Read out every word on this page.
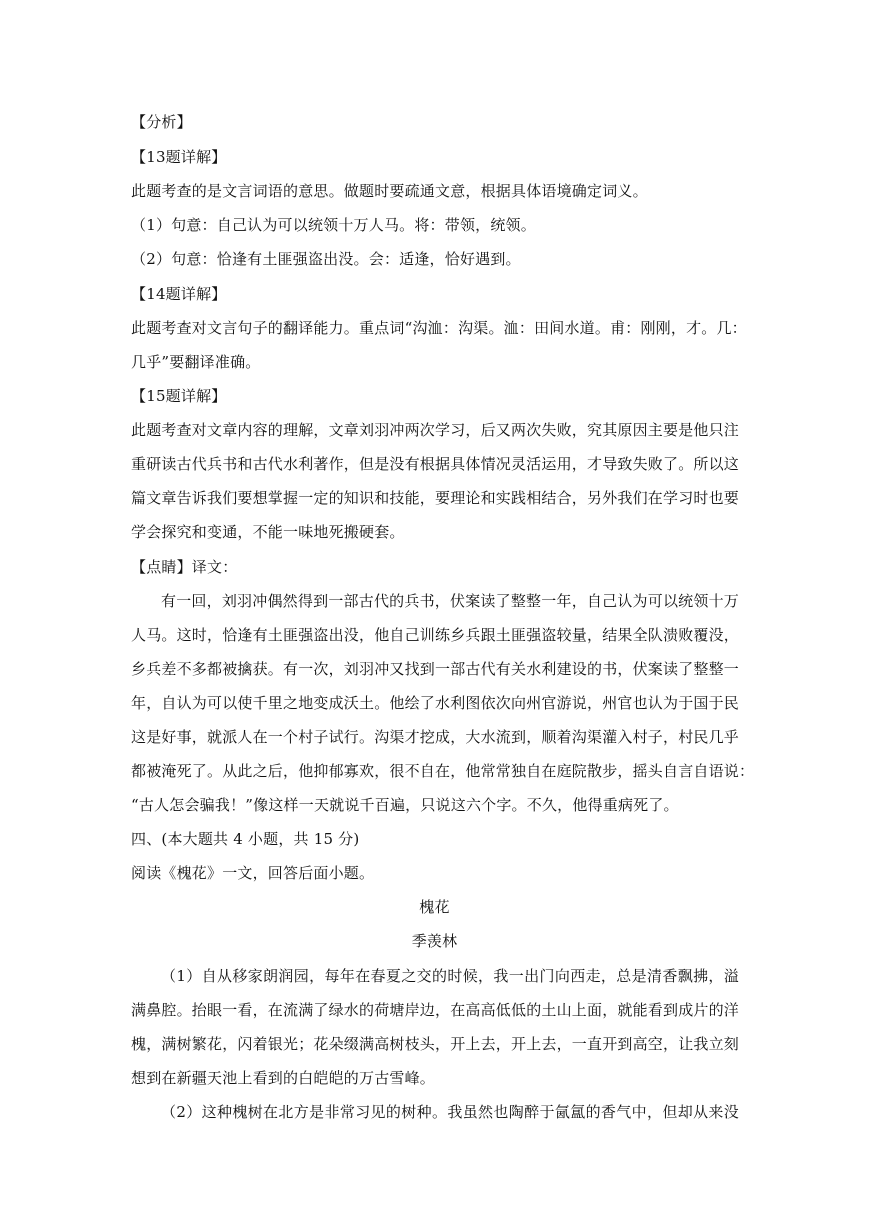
【分析】
【13题详解】
此题考查的是文言词语的意思。做题时要疏通文意，根据具体语境确定词义。
（1）句意：自己认为可以统领十万人马。将：带领，统领。
（2）句意：恰逢有土匪强盗出没。会：适逢，恰好遇到。
【14题详解】
此题考查对文言句子的翻译能力。重点词“沟洫：沟渠。洫：田间水道。甫：刚刚，才。几：
几乎”要翻译准确。
【15题详解】
此题考查对文章内容的理解，文章刘羽冲两次学习，后又两次失败，究其原因主要是他只注
重研读古代兵书和古代水利著作，但是没有根据具体情况灵活运用，才导致失败了。所以这
篇文章告诉我们要想掌握一定的知识和技能，要理论和实践相结合，另外我们在学习时也要
学会探究和变通，不能一味地死搬硬套。
【点睛】译文：
有一回，刘羽冲偶然得到一部古代的兵书，伏案读了整整一年，自己认为可以统领十万
人马。这时，恰逢有土匪强盗出没，他自己训练乡兵跟土匪强盗较量，结果全队溃败覆没，
乡兵差不多都被擒获。有一次，刘羽冲又找到一部古代有关水利建设的书，伏案读了整整一
年，自认为可以使千里之地变成沃土。他绘了水利图依次向州官游说，州官也认为于国于民
这是好事，就派人在一个村子试行。沟渠才挖成，大水流到，顺着沟渠灌入村子，村民几乎
都被淹死了。从此之后，他抑郁寡欢，很不自在，他常常独自在庭院散步，摇头自言自语说：
“古人怎会骗我！”像这样一天就说千百遍，只说这六个字。不久，他得重病死了。
四、(本大题共 4 小题，共 15 分)
阅读《槐花》一文，回答后面小题。
槐花
季羡林
（1）自从移家朗润园，每年在春夏之交的时候，我一出门向西走，总是清香飘拂，溢
满鼻腔。抬眼一看，在流满了绿水的荷塘岸边，在高高低低的土山上面，就能看到成片的洋
槐，满树繁花，闪着银光；花朵缀满高树枝头，开上去，开上去，一直开到高空，让我立刻
想到在新疆天池上看到的白皑皑的万古雪峰。
（2）这种槐树在北方是非常习见的树种。我虽然也陶醉于氤氲的香气中，但却从来没
